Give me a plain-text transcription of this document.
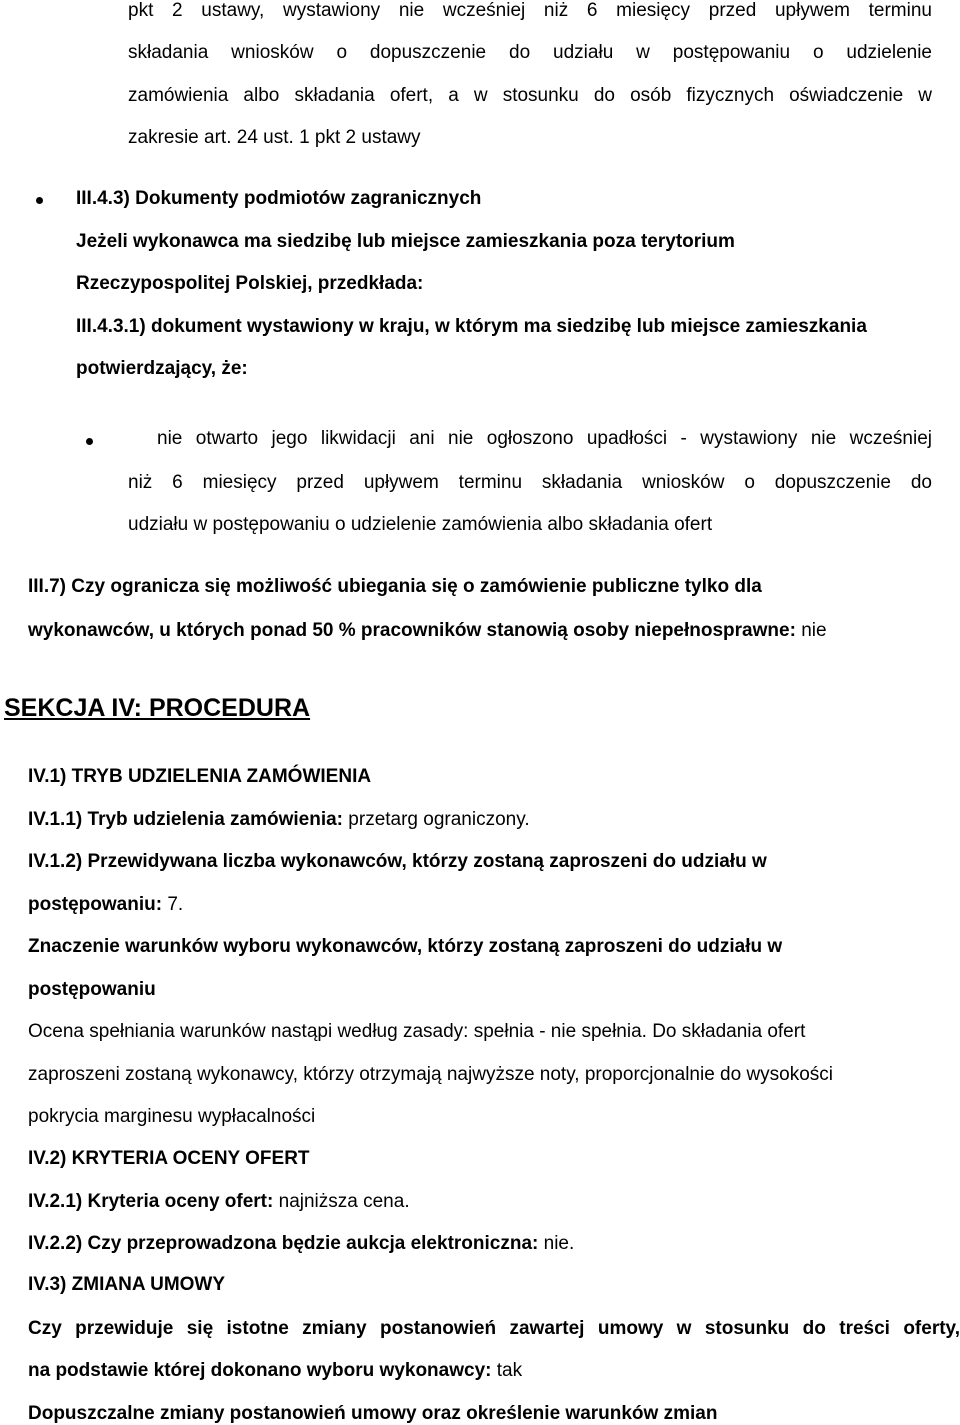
pkt 2 ustawy, wystawiony nie wcześniej niż 6 miesięcy przed upływem terminu
składania wniosków o dopuszczenie do udziału w postępowaniu o udzielenie
zamówienia albo składania ofert, a w stosunku do osób fizycznych oświadczenie w
zakresie art. 24 ust. 1 pkt 2 ustawy
III.4.3) Dokumenty podmiotów zagranicznych
Jeżeli wykonawca ma siedzibę lub miejsce zamieszkania poza terytorium
Rzeczypospolitej Polskiej, przedkłada:
III.4.3.1) dokument wystawiony w kraju, w którym ma siedzibę lub miejsce zamieszkania
potwierdzający, że:
nie otwarto jego likwidacji ani nie ogłoszono upadłości - wystawiony nie wcześniej
niż 6 miesięcy przed upływem terminu składania wniosków o dopuszczenie do
udziału w postępowaniu o udzielenie zamówienia albo składania ofert
III.7) Czy ogranicza się możliwość ubiegania się o zamówienie publiczne tylko dla
wykonawców, u których ponad 50 % pracowników stanowią osoby niepełnosprawne: nie
SEKCJA IV: PROCEDURA
IV.1) TRYB UDZIELENIA ZAMÓWIENIA
IV.1.1) Tryb udzielenia zamówienia: przetarg ograniczony.
IV.1.2) Przewidywana liczba wykonawców, którzy zostaną zaproszeni do udziału w
postępowaniu: 7.
Znaczenie warunków wyboru wykonawców, którzy zostaną zaproszeni do udziału w
postępowaniu
Ocena spełniania warunków nastąpi według zasady: spełnia - nie spełnia. Do składania ofert
zaproszeni zostaną wykonawcy, którzy otrzymają najwyższe noty, proporcjonalnie do wysokości
pokrycia marginesu wypłacalności
IV.2) KRYTERIA OCENY OFERT
IV.2.1) Kryteria oceny ofert: najniższa cena.
IV.2.2) Czy przeprowadzona będzie aukcja elektroniczna: nie.
IV.3) ZMIANA UMOWY
Czy przewiduje się istotne zmiany postanowień zawartej umowy w stosunku do treści oferty,
na podstawie której dokonano wyboru wykonawcy: tak
Dopuszczalne zmiany postanowień umowy oraz określenie warunków zmian
